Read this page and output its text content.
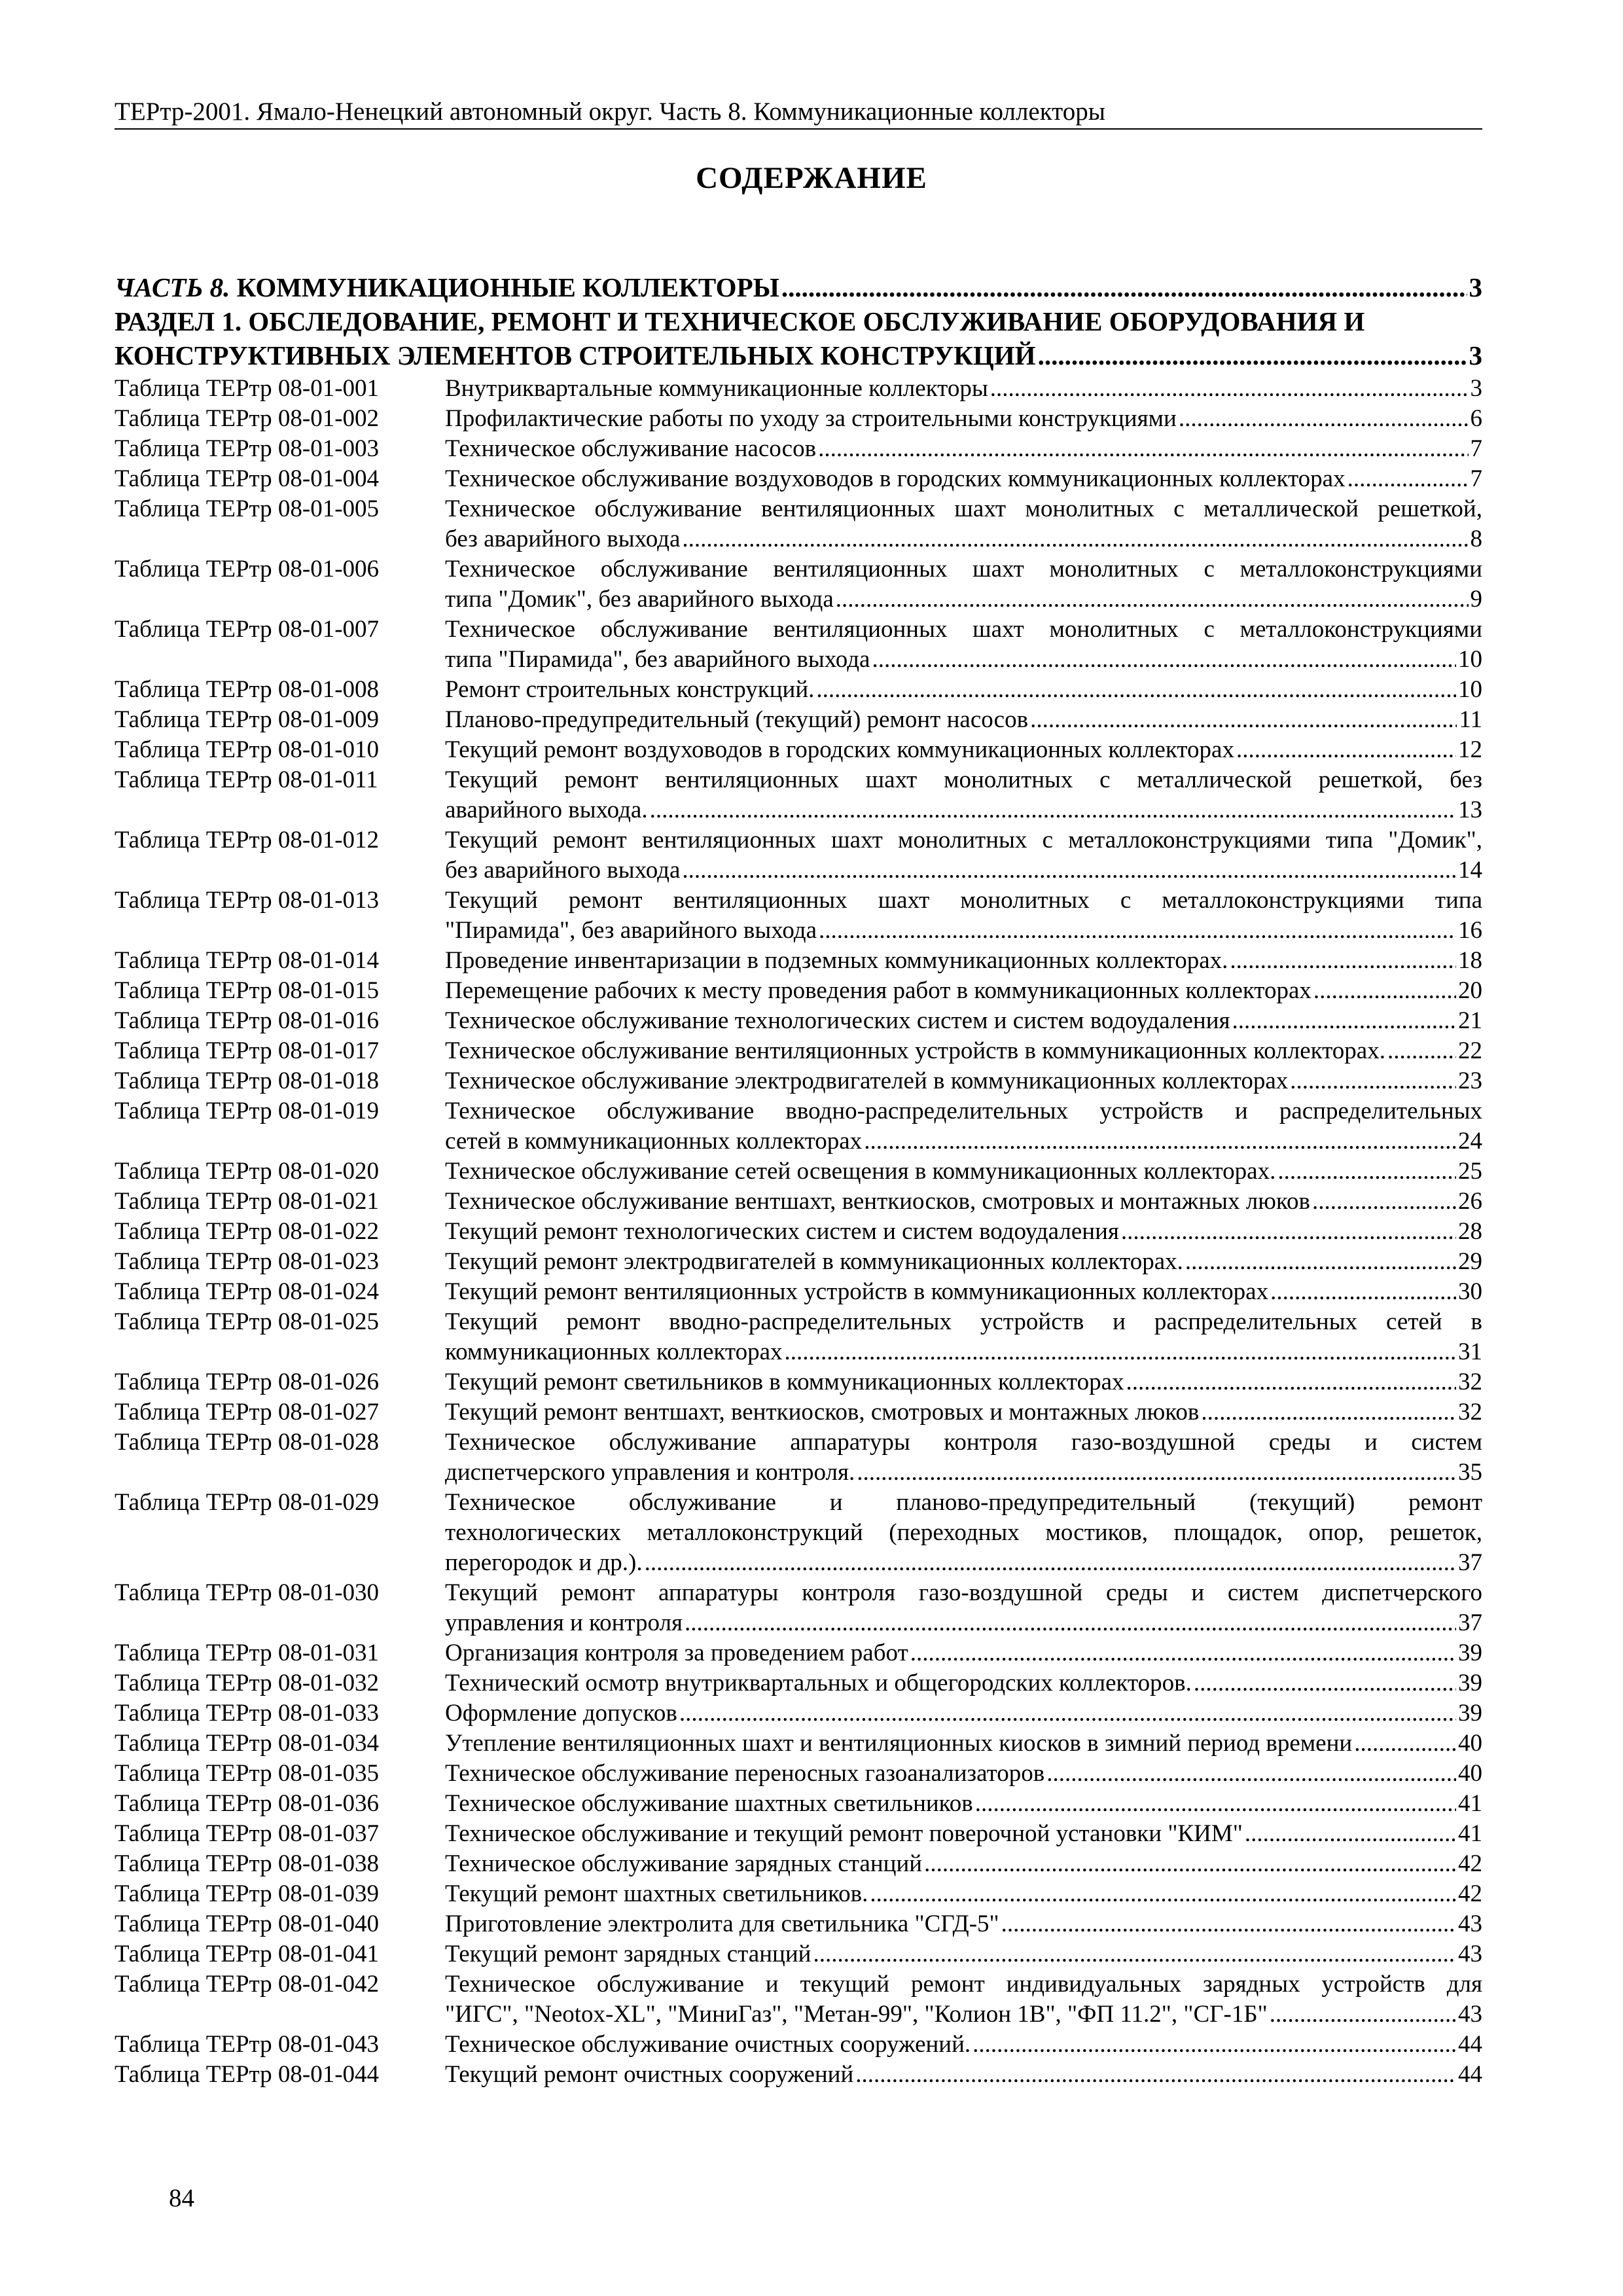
ТЕРтр-2001. Ямало-Ненецкий автономный округ. Часть 8. Коммуникационные коллекторы
СОДЕРЖАНИЕ
ЧАСТЬ 8. КОММУНИКАЦИОННЫЕ КОЛЛЕКТОРЫ .....	3
РАЗДЕЛ 1. ОБСЛЕДОВАНИЕ, РЕМОНТ И ТЕХНИЧЕСКОЕ ОБСЛУЖИВАНИЕ ОБОРУДОВАНИЯ И
КОНСТРУКТИВНЫХ ЭЛЕМЕНТОВ СТРОИТЕЛЬНЫХ КОНСТРУКЦИЙ .....	3
Таблица ТЕРтр 08-01-001	Внутриквартальные коммуникационные коллекторы .....	3
Таблица ТЕРтр 08-01-002	Профилактические работы по уходу за строительными конструкциями .....	6
Таблица ТЕРтр 08-01-003	Техническое обслуживание насосов .....	7
Таблица ТЕРтр 08-01-004	Техническое обслуживание воздуховодов в городских коммуникационных коллекторах .....	7
Таблица ТЕРтр 08-01-005	Техническое обслуживание вентиляционных шахт монолитных с металлической решеткой,
без аварийного выхода .....	8
Таблица ТЕРтр 08-01-006	Техническое обслуживание вентиляционных шахт монолитных с металлоконструкциями
типа "Домик", без аварийного выхода .....	9
Таблица ТЕРтр 08-01-007	Техническое обслуживание вентиляционных шахт монолитных с металлоконструкциями
типа "Пирамида", без аварийного выхода .....	10
Таблица ТЕРтр 08-01-008	Ремонт строительных конструкций. .....	10
Таблица ТЕРтр 08-01-009	Планово-предупредительный (текущий) ремонт насосов .....	11
Таблица ТЕРтр 08-01-010	Текущий ремонт воздуховодов в городских коммуникационных коллекторах .....	12
Таблица ТЕРтр 08-01-011	Текущий ремонт вентиляционных шахт монолитных с металлической решеткой, без
аварийного выхода. .....	13
Таблица ТЕРтр 08-01-012	Текущий ремонт вентиляционных шахт монолитных с металлоконструкциями типа "Домик",
без аварийного выхода .....	14
Таблица ТЕРтр 08-01-013	Текущий ремонт вентиляционных шахт монолитных с металлоконструкциями типа
"Пирамида", без аварийного выхода .....	16
Таблица ТЕРтр 08-01-014	Проведение инвентаризации в подземных коммуникационных коллекторах. .....	18
Таблица ТЕРтр 08-01-015	Перемещение рабочих к месту проведения работ в коммуникационных коллекторах .....	20
Таблица ТЕРтр 08-01-016	Техническое обслуживание технологических систем и систем водоудаления .....	21
Таблица ТЕРтр 08-01-017	Техническое обслуживание вентиляционных устройств в коммуникационных коллекторах. .....	22
Таблица ТЕРтр 08-01-018	Техническое обслуживание электродвигателей в коммуникационных коллекторах .....	23
Таблица ТЕРтр 08-01-019	Техническое обслуживание вводно-распределительных устройств и распределительных
сетей в коммуникационных коллекторах .....	24
Таблица ТЕРтр 08-01-020	Техническое обслуживание сетей освещения в коммуникационных коллекторах. .....	25
Таблица ТЕРтр 08-01-021	Техническое обслуживание вентшахт, венткиосков, смотровых и монтажных люков .....	26
Таблица ТЕРтр 08-01-022	Текущий ремонт технологических систем и систем водоудаления .....	28
Таблица ТЕРтр 08-01-023	Текущий ремонт электродвигателей в коммуникационных коллекторах. .....	29
Таблица ТЕРтр 08-01-024	Текущий ремонт вентиляционных устройств в коммуникационных коллекторах .....	30
Таблица ТЕРтр 08-01-025	Текущий ремонт вводно-распределительных устройств и распределительных сетей в
коммуникационных коллекторах .....	31
Таблица ТЕРтр 08-01-026	Текущий ремонт светильников в коммуникационных коллекторах .....	32
Таблица ТЕРтр 08-01-027	Текущий ремонт вентшахт, венткиосков, смотровых и монтажных люков .....	32
Таблица ТЕРтр 08-01-028	Техническое обслуживание аппаратуры контроля газо-воздушной среды и систем
диспетчерского управления и контроля. .....	35
Таблица ТЕРтр 08-01-029	Техническое обслуживание и планово-предупредительный (текущий) ремонт
технологических металлоконструкций (переходных мостиков, площадок, опор, решеток,
перегородок и др.). .....	37
Таблица ТЕРтр 08-01-030	Текущий ремонт аппаратуры контроля газо-воздушной среды и систем диспетчерского
управления и контроля .....	37
Таблица ТЕРтр 08-01-031	Организация контроля за проведением работ .....	39
Таблица ТЕРтр 08-01-032	Технический осмотр внутриквартальных и общегородских коллекторов. .....	39
Таблица ТЕРтр 08-01-033	Оформление допусков .....	39
Таблица ТЕРтр 08-01-034	Утепление вентиляционных шахт и вентиляционных киосков в зимний период времени .....	40
Таблица ТЕРтр 08-01-035	Техническое обслуживание переносных газоанализаторов .....	40
Таблица ТЕРтр 08-01-036	Техническое обслуживание шахтных светильников .....	41
Таблица ТЕРтр 08-01-037	Техническое обслуживание и текущий ремонт поверочной установки "КИМ" .....	41
Таблица ТЕРтр 08-01-038	Техническое обслуживание зарядных станций .....	42
Таблица ТЕРтр 08-01-039	Текущий ремонт шахтных светильников. .....	42
Таблица ТЕРтр 08-01-040	Приготовление электролита для светильника "СГД-5" .....	43
Таблица ТЕРтр 08-01-041	Текущий ремонт зарядных станций .....	43
Таблица ТЕРтр 08-01-042	Техническое обслуживание и текущий ремонт индивидуальных зарядных устройств для
"ИГС", "Neotox-XL", "МиниГаз", "Метан-99", "Колион 1В", "ФП 11.2", "СГ-1Б" .....	43
Таблица ТЕРтр 08-01-043	Техническое обслуживание очистных сооружений. .....	44
Таблица ТЕРтр 08-01-044	Текущий ремонт очистных сооружений .....	44
84
